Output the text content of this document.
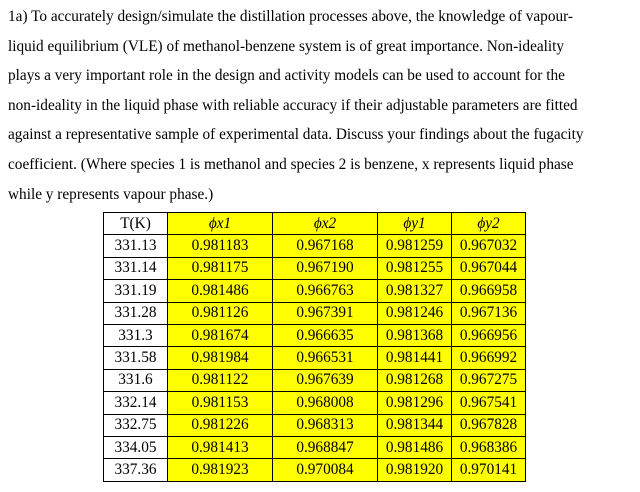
1a) To accurately design/simulate the distillation processes above, the knowledge of vapour-
liquid equilibrium (VLE) of methanol-benzene system is of great importance. Non-ideality
plays a very important role in the design and activity models can be used to account for the
non-ideality in the liquid phase with reliable accuracy if their adjustable parameters are fitted
against a representative sample of experimental data. Discuss your findings about the fugacity
coefficient. (Where species 1 is methanol and species 2 is benzene, x represents liquid phase
while y represents vapour phase.)
T(K)	ϕx1	ϕx2	ϕy1	ϕy2
331.13	0.981183	0.967168	0.981259	0.967032
331.14	0.981175	0.967190	0.981255	0.967044
331.19	0.981486	0.966763	0.981327	0.966958
331.28	0.981126	0.967391	0.981246	0.967136
331.3	0.981674	0.966635	0.981368	0.966956
331.58	0.981984	0.966531	0.981441	0.966992
331.6	0.981122	0.967639	0.981268	0.967275
332.14	0.981153	0.968008	0.981296	0.967541
332.75	0.981226	0.968313	0.981344	0.967828
334.05	0.981413	0.968847	0.981486	0.968386
337.36	0.981923	0.970084	0.981920	0.970141
